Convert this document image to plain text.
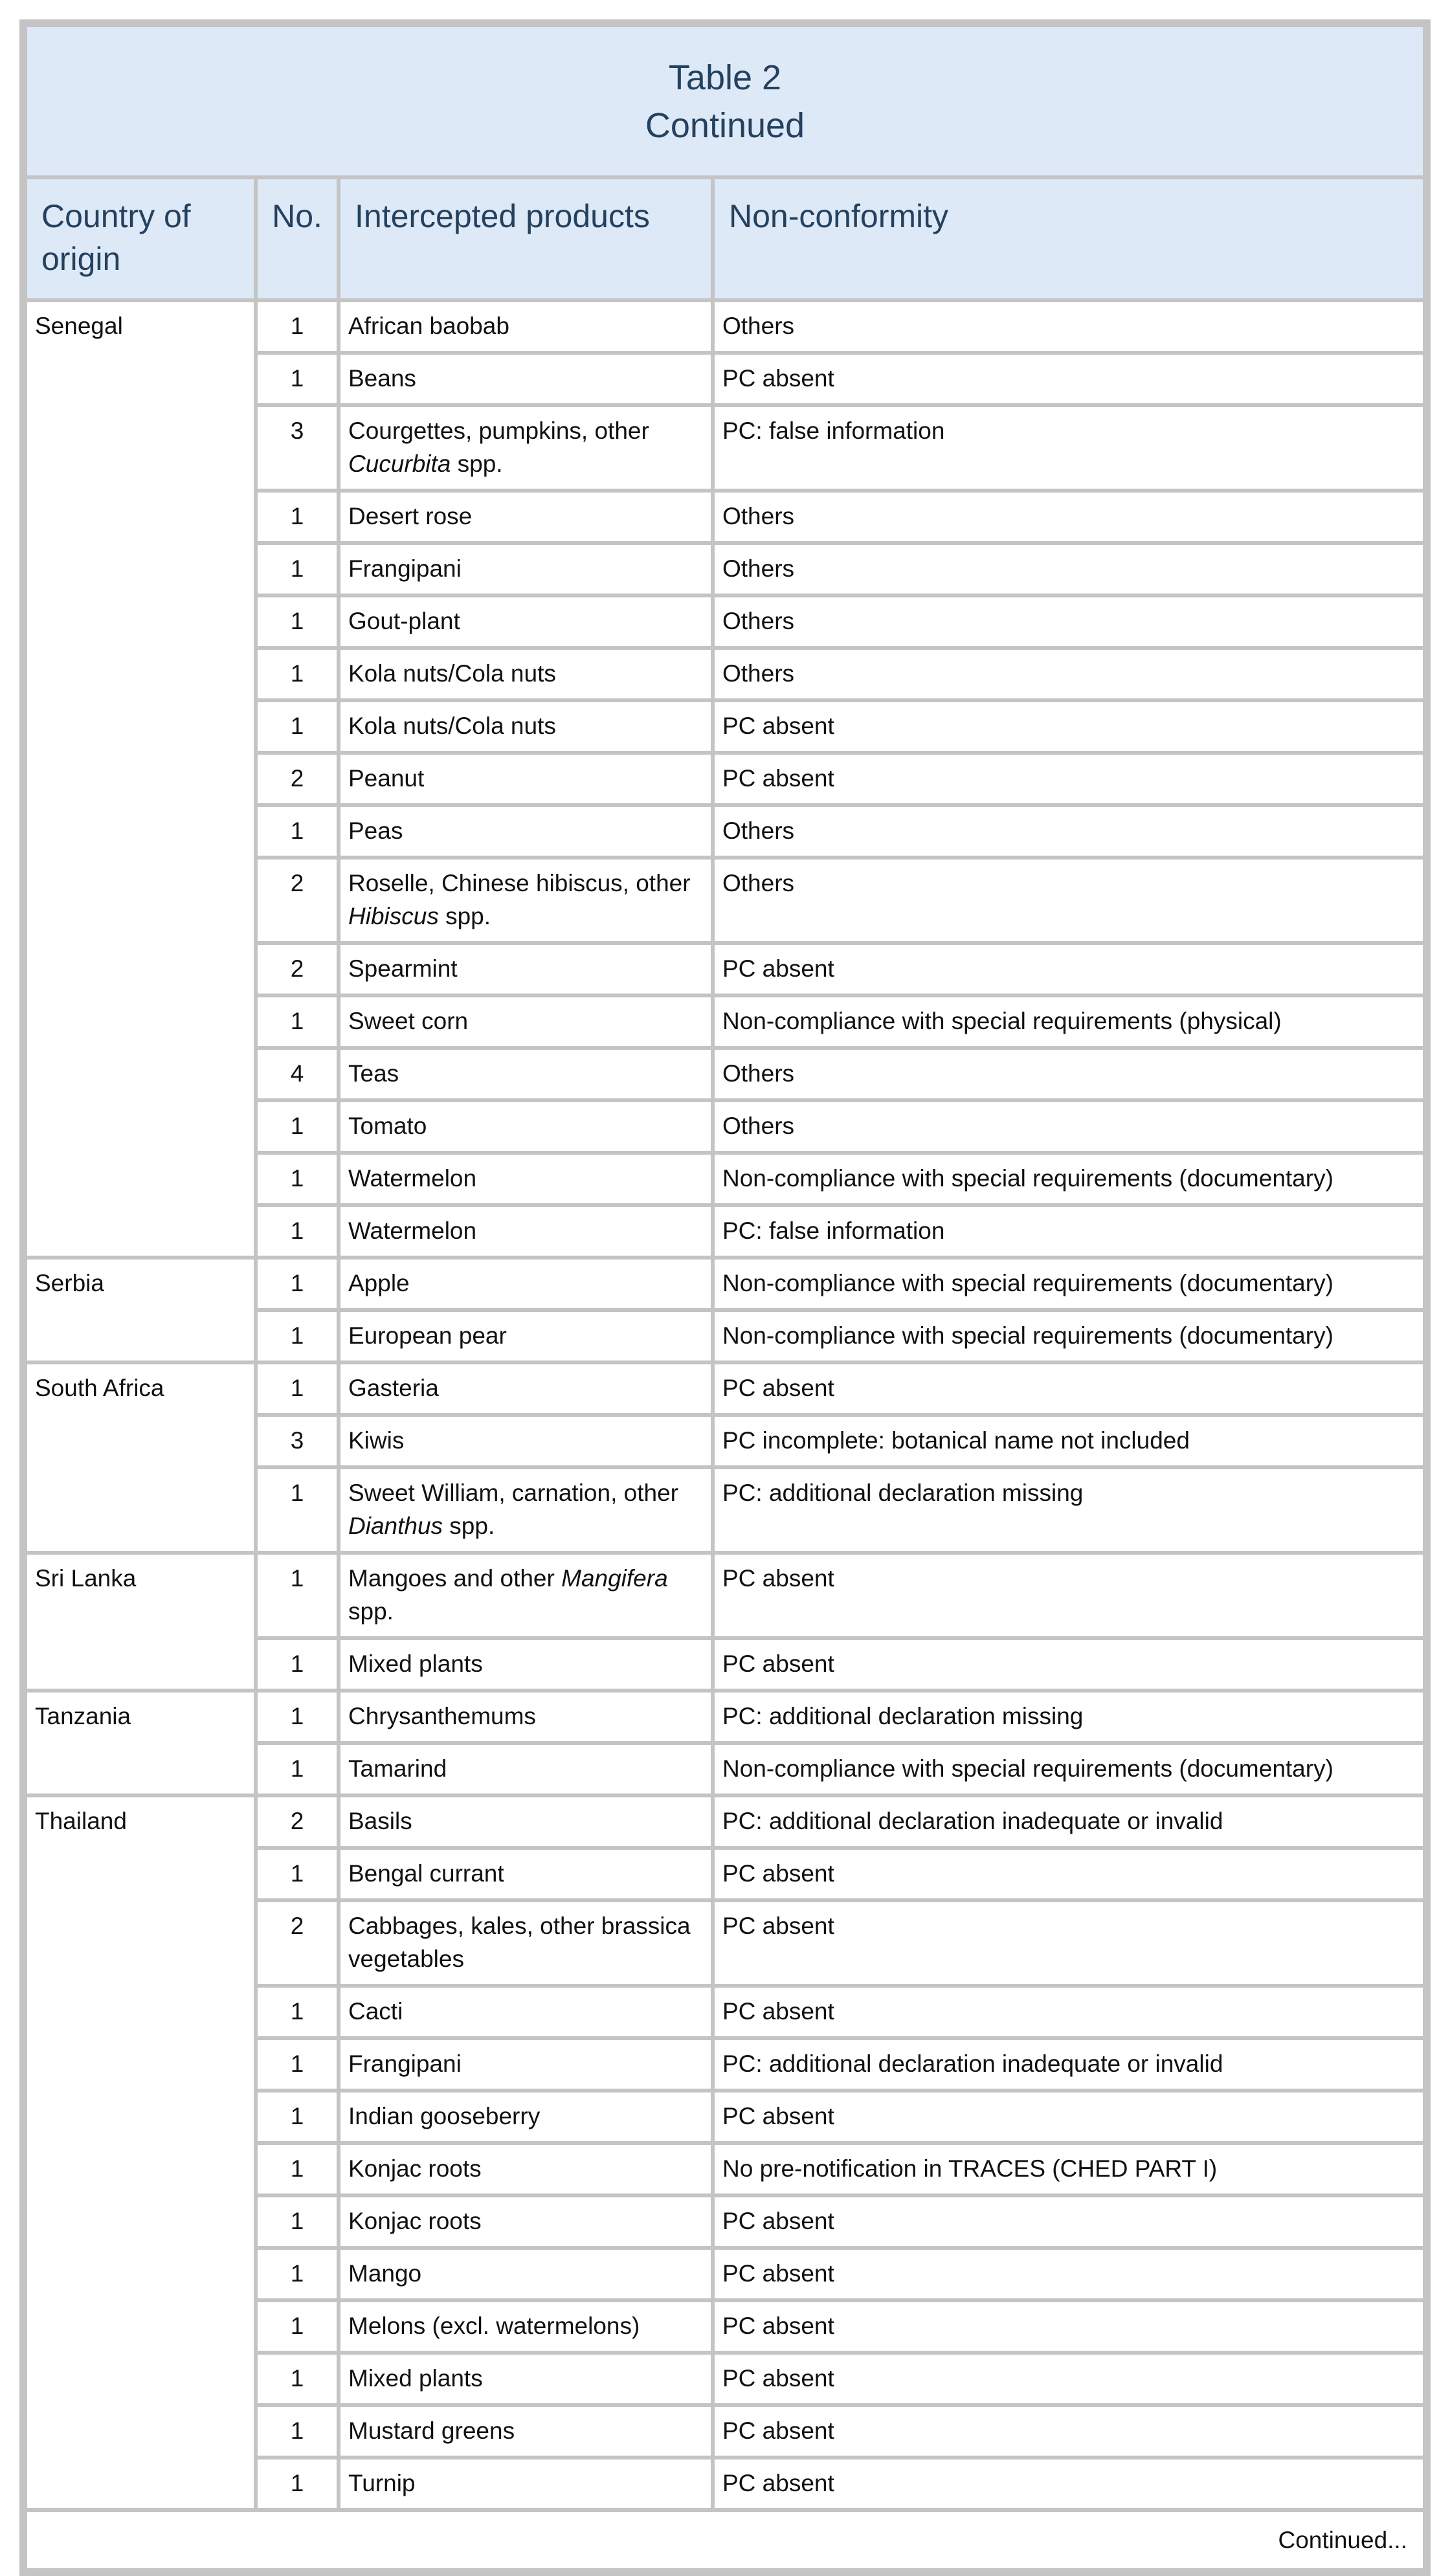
Table 2
Continued			

Country of origin	No.	Intercepted products	Non-conformity
Senegal	1	African baobab	Others
	1	Beans	PC absent
	3	Courgettes, pumpkins, other Cucurbita spp.	PC: false information
	1	Desert rose	Others
	1	Frangipani	Others
	1	Gout-plant	Others
	1	Kola nuts/Cola nuts	Others
	1	Kola nuts/Cola nuts	PC absent
	2	Peanut	PC absent
	1	Peas	Others
	2	Roselle, Chinese hibiscus, other Hibiscus spp.	Others
	2	Spearmint	PC absent
	1	Sweet corn	Non-compliance with special requirements (physical)
	4	Teas	Others
	1	Tomato	Others
	1	Watermelon	Non-compliance with special requirements (documentary)
	1	Watermelon	PC: false information
Serbia	1	Apple	Non-compliance with special requirements (documentary)
	1	European pear	Non-compliance with special requirements (documentary)
South Africa	1	Gasteria	PC absent
	3	Kiwis	PC incomplete: botanical name not included
	1	Sweet William, carnation, other Dianthus spp.	PC: additional declaration missing
Sri Lanka	1	Mangoes and other Mangifera spp.	PC absent
	1	Mixed plants	PC absent
Tanzania	1	Chrysanthemums	PC: additional declaration missing
	1	Tamarind	Non-compliance with special requirements (documentary)
Thailand	2	Basils	PC: additional declaration inadequate or invalid
	1	Bengal currant	PC absent
	2	Cabbages, kales, other brassica vegetables	PC absent
	1	Cacti	PC absent
	1	Frangipani	PC: additional declaration inadequate or invalid
	1	Indian gooseberry	PC absent
	1	Konjac roots	No pre-notification in TRACES (CHED PART I)
	1	Konjac roots	PC absent
	1	Mango	PC absent
	1	Melons (excl. watermelons)	PC absent
	1	Mixed plants	PC absent
	1	Mustard greens	PC absent
	1	Turnip	PC absent
Continued...			
